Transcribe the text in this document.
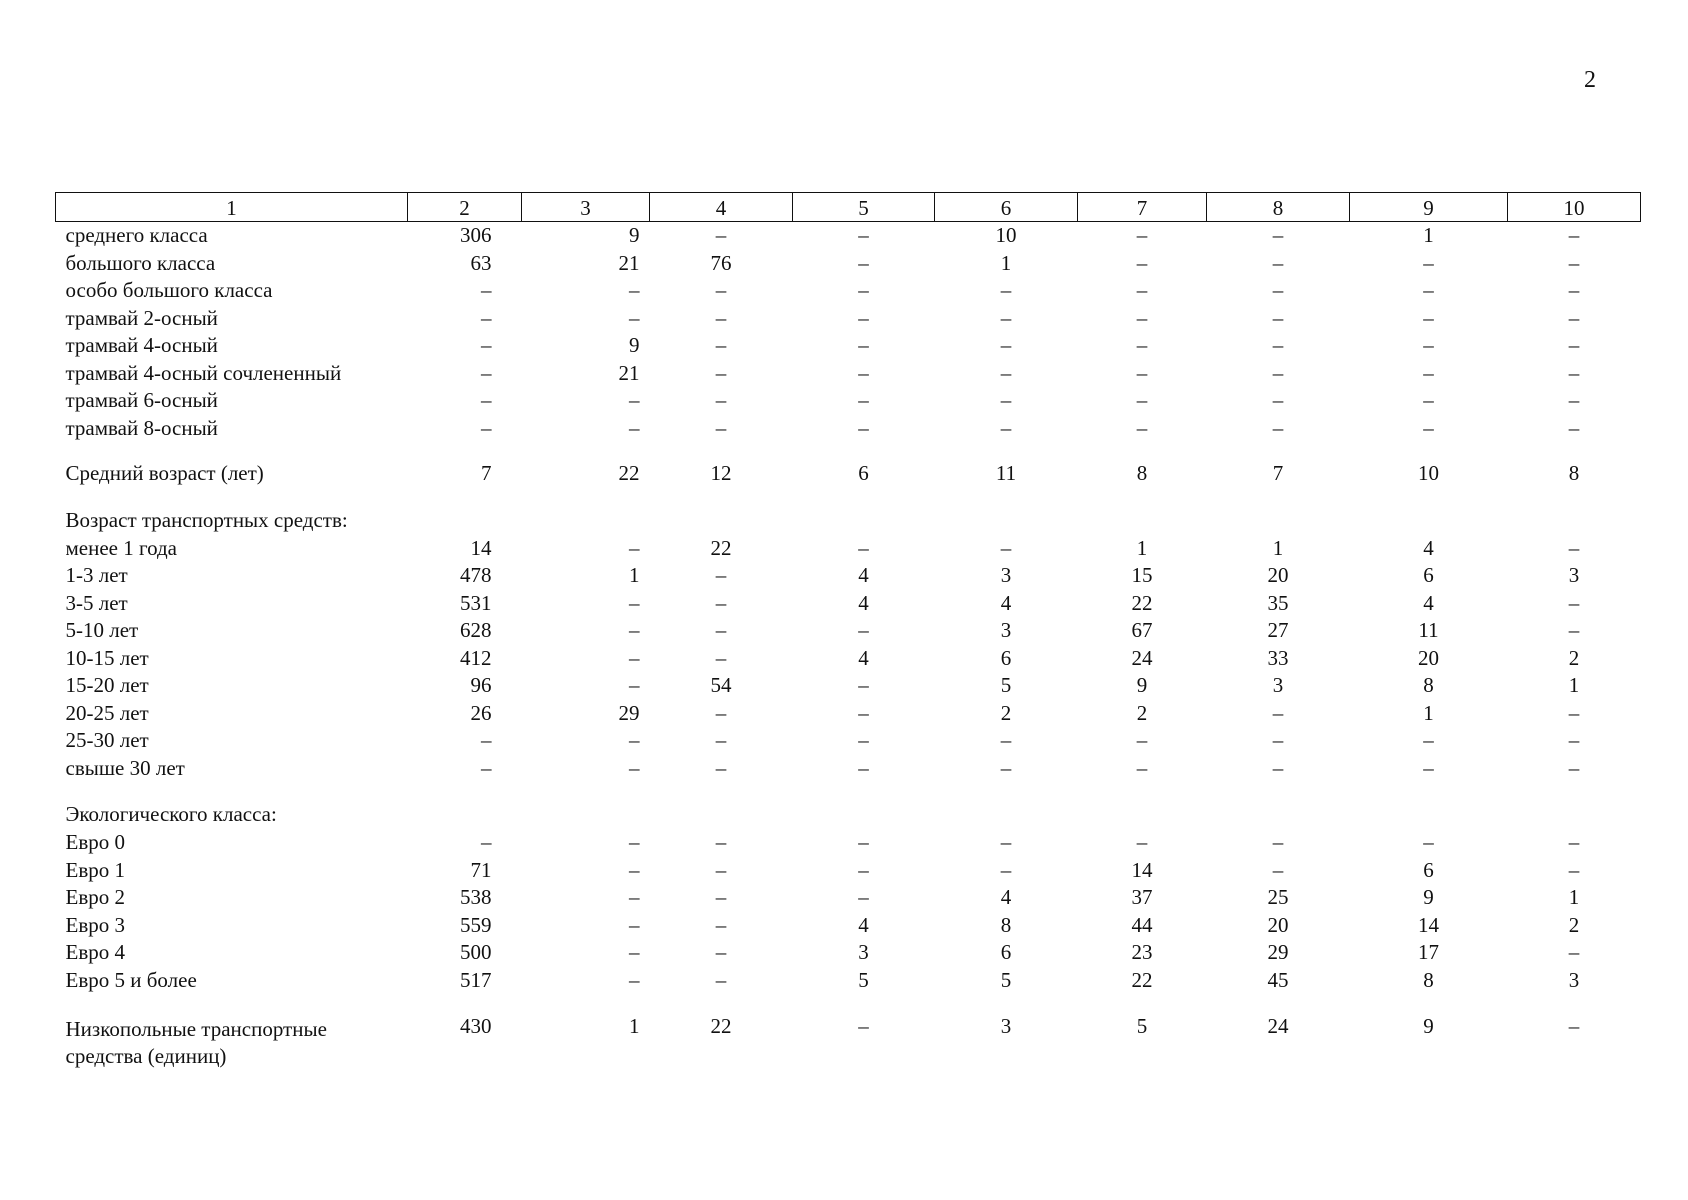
2
1	2	3	4	5	6	7	8	9	10
среднего класса	306	9	–	–	10	–	–	1	–
большого класса	63	21	76	–	1	–	–	–	–
особо большого класса	–	–	–	–	–	–	–	–	–
трамвай 2-осный	–	–	–	–	–	–	–	–	–
трамвай 4-осный	–	9	–	–	–	–	–	–	–
трамвай 4-осный сочлененный	–	21	–	–	–	–	–	–	–
трамвай 6-осный	–	–	–	–	–	–	–	–	–
трамвай 8-осный	–	–	–	–	–	–	–	–	–

Средний возраст (лет)	7	22	12	6	11	8	7	10	8

Возраст транспортных средств:									
менее 1 года	14	–	22	–	–	1	1	4	–
1-3 лет	478	1	–	4	3	15	20	6	3
3-5 лет	531	–	–	4	4	22	35	4	–
5-10 лет	628	–	–	–	3	67	27	11	–
10-15 лет	412	–	–	4	6	24	33	20	2
15-20 лет	96	–	54	–	5	9	3	8	1
20-25 лет	26	29	–	–	2	2	–	1	–
25-30 лет	–	–	–	–	–	–	–	–	–
свыше 30 лет	–	–	–	–	–	–	–	–	–

Экологического класса:									
Евро 0	–	–	–	–	–	–	–	–	–
Евро 1	71	–	–	–	–	14	–	6	–
Евро 2	538	–	–	–	4	37	25	9	1
Евро 3	559	–	–	4	8	44	20	14	2
Евро 4	500	–	–	3	6	23	29	17	–
Евро 5 и более	517	–	–	5	5	22	45	8	3

Низкопольные транспортные средства (единиц)	430	1	22	–	3	5	24	9	–
